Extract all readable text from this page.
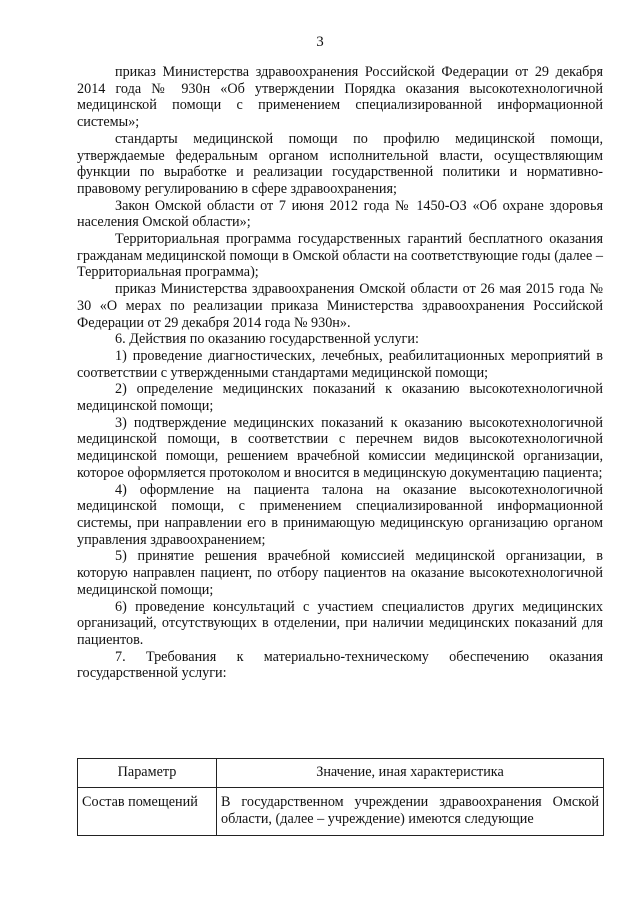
3

приказ Министерства здравоохранения Российской Федерации от 29 декабря 2014 года № 930н «Об утверждении Порядка оказания высокотехнологичной медицинской помощи с применением специализированной информационной системы»;

стандарты медицинской помощи по профилю медицинской помощи, утверждаемые федеральным органом исполнительной власти, осуществляющим функции по выработке и реализации государственной политики и нормативно-правовому регулированию в сфере здравоохранения;

Закон Омской области от 7 июня 2012 года № 1450-ОЗ «Об охране здоровья населения Омской области»;

Территориальная программа государственных гарантий бесплатного оказания гражданам медицинской помощи в Омской области на соответствующие годы (далее – Территориальная программа);

приказ Министерства здравоохранения Омской области от 26 мая 2015 года № 30 «О мерах по реализации приказа Министерства здравоохранения Российской Федерации от 29 декабря 2014 года № 930н».

6. Действия по оказанию государственной услуги:

1) проведение диагностических, лечебных, реабилитационных мероприятий в соответствии с утвержденными стандартами медицинской помощи;

2) определение медицинских показаний к оказанию высокотехнологичной медицинской помощи;

3) подтверждение медицинских показаний к оказанию высокотехнологичной медицинской помощи, в соответствии с перечнем видов высокотехнологичной медицинской помощи, решением врачебной комиссии медицинской организации, которое оформляется протоколом и вносится в медицинскую документацию пациента;

4) оформление на пациента талона на оказание высокотехнологичной медицинской помощи, с применением специализированной информационной системы, при направлении его в принимающую медицинскую организацию органом управления здравоохранением;

5) принятие решения врачебной комиссией медицинской организации, в которую направлен пациент, по отбору пациентов на оказание высокотехнологичной медицинской помощи;

6) проведение консультаций с участием специалистов других медицинских организаций, отсутствующих в отделении, при наличии медицинских показаний для пациентов.

7. Требования к материально-техническому обеспечению оказания государственной услуги:

Параметр	Значение, иная характеристика
Состав помещений	В государственном учреждении здравоохранения Омской области, (далее – учреждение) имеются следующие
